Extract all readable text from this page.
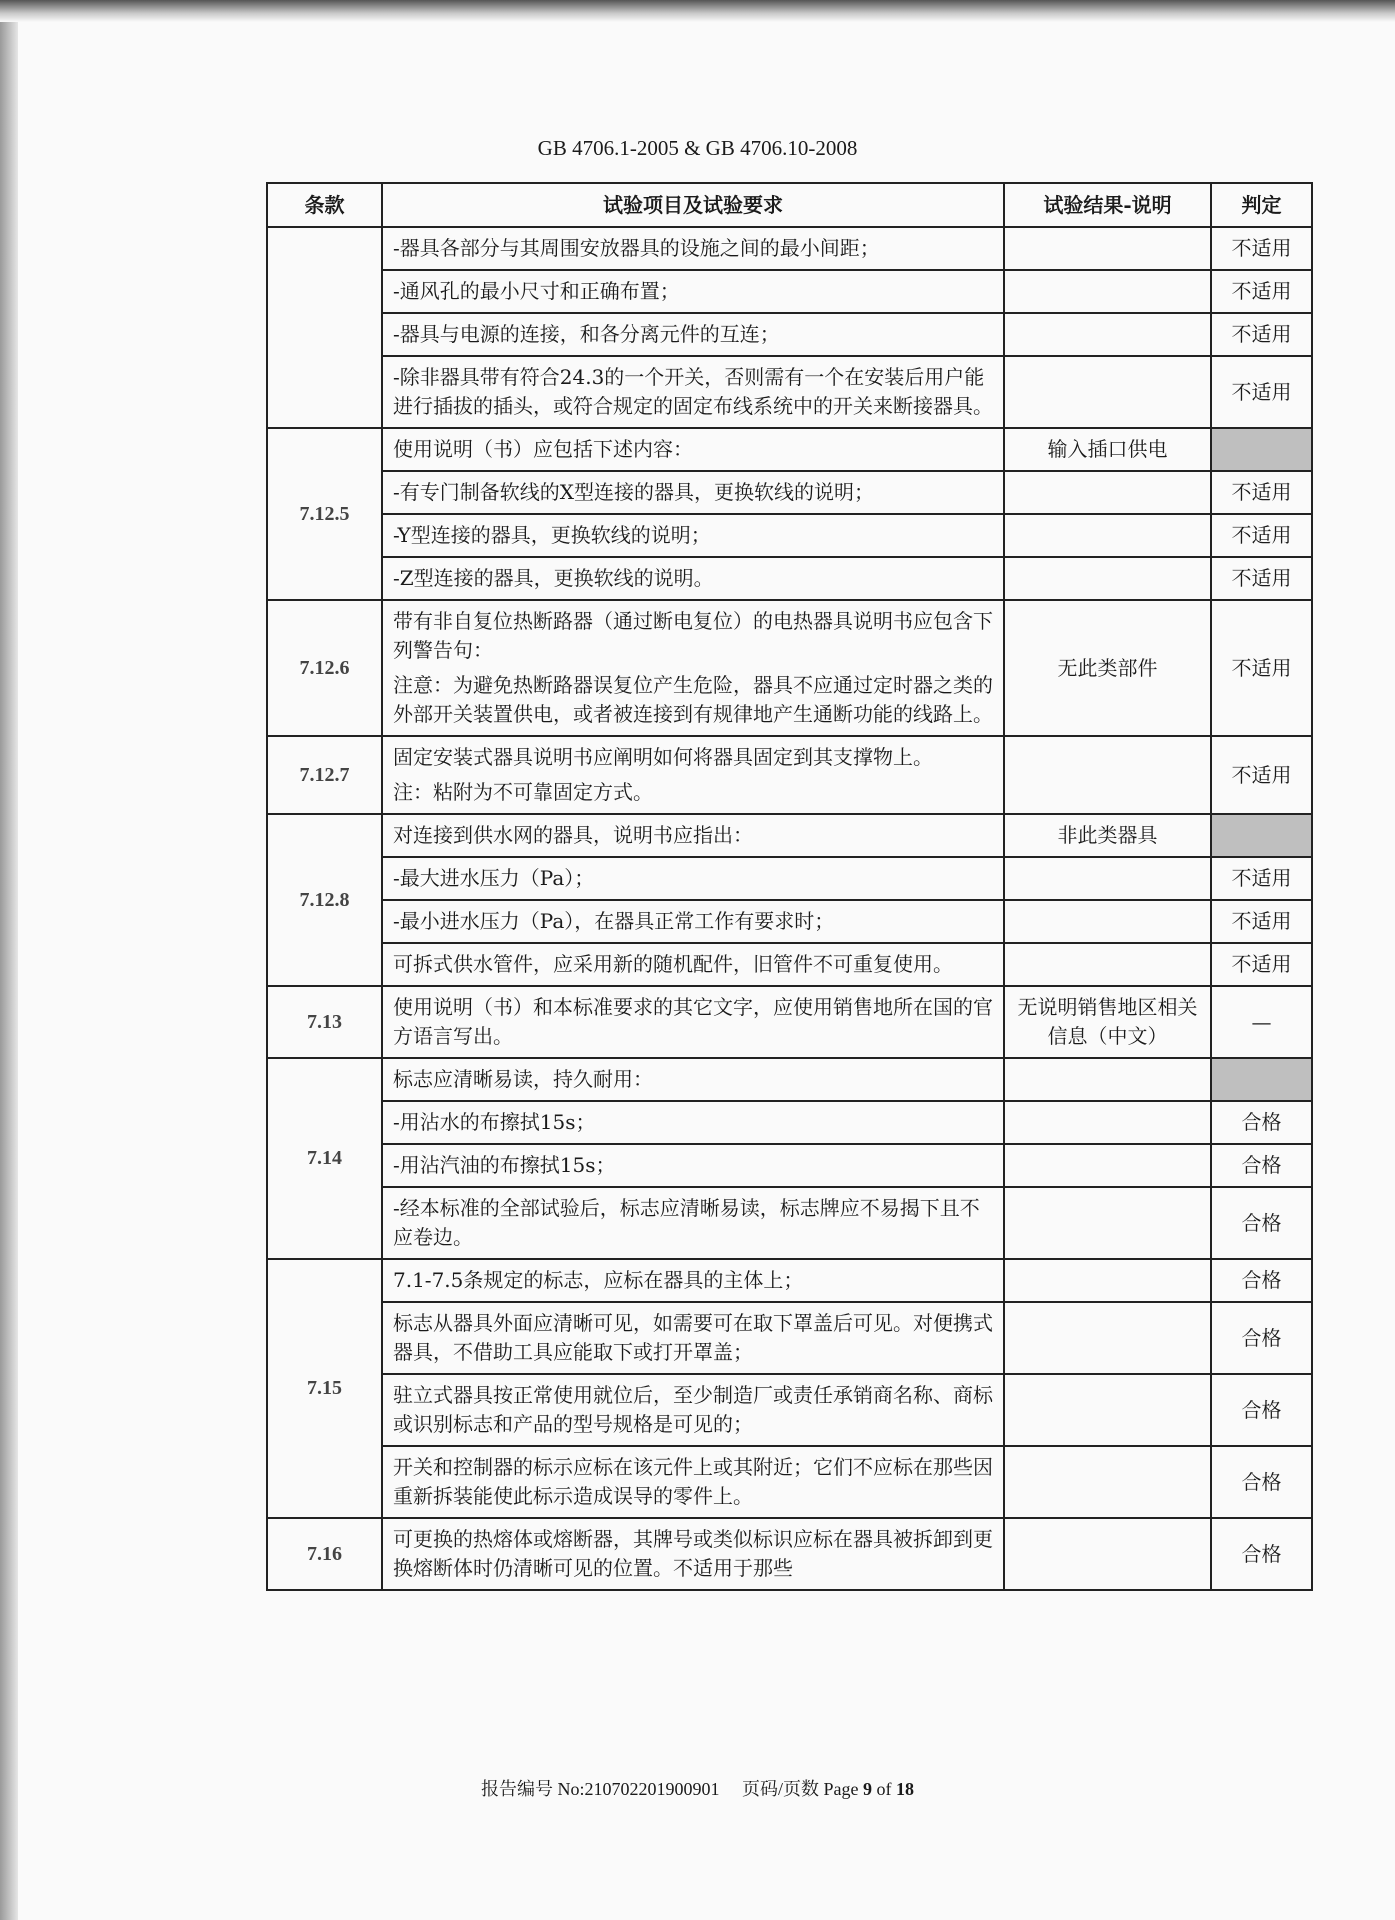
GB 4706.1-2005 & GB 4706.10-2008
条款	试验项目及试验要求	试验结果-说明	判定
	-器具各部分与其周围安放器具的设施之间的最小间距；		不适用
	-通风孔的最小尺寸和正确布置；		不适用
	-器具与电源的连接，和各分离元件的互连；		不适用
	-除非器具带有符合24.3的一个开关，否则需有一个在安装后用户能进行插拔的插头，或符合规定的固定布线系统中的开关来断接器具。		不适用
7.12.5	使用说明（书）应包括下述内容：	输入插口供电	
	-有专门制备软线的X型连接的器具，更换软线的说明；		不适用
	-Y型连接的器具，更换软线的说明；		不适用
	-Z型连接的器具，更换软线的说明。		不适用
7.12.6	带有非自复位热断路器（通过断电复位）的电热器具说明书应包含下列警告句：
注意：为避免热断路器误复位产生危险，器具不应通过定时器之类的外部开关装置供电，或者被连接到有规律地产生通断功能的线路上。	无此类部件	不适用
7.12.7	固定安装式器具说明书应阐明如何将器具固定到其支撑物上。
注：粘附为不可靠固定方式。		不适用
7.12.8	对连接到供水网的器具，说明书应指出：	非此类器具	
	-最大进水压力（Pa）；		不适用
	-最小进水压力（Pa），在器具正常工作有要求时；		不适用
	可拆式供水管件，应采用新的随机配件，旧管件不可重复使用。		不适用
7.13	使用说明（书）和本标准要求的其它文字，应使用销售地所在国的官方语言写出。	无说明销售地区相关信息（中文）	—
7.14	标志应清晰易读，持久耐用：		
	-用沾水的布擦拭15s；		合格
	-用沾汽油的布擦拭15s；		合格
	-经本标准的全部试验后，标志应清晰易读，标志牌应不易揭下且不应卷边。		合格
7.15	7.1-7.5条规定的标志，应标在器具的主体上；		合格
	标志从器具外面应清晰可见，如需要可在取下罩盖后可见。对便携式器具，不借助工具应能取下或打开罩盖；		合格
	驻立式器具按正常使用就位后，至少制造厂或责任承销商名称、商标或识别标志和产品的型号规格是可见的；		合格
	开关和控制器的标示应标在该元件上或其附近；它们不应标在那些因重新拆装能使此标示造成误导的零件上。		合格
7.16	可更换的热熔体或熔断器，其牌号或类似标识应标在器具被拆卸到更换熔断体时仍清晰可见的位置。不适用于那些		合格
报告编号 No:210702201900901 页码/页数 Page 9 of 18
